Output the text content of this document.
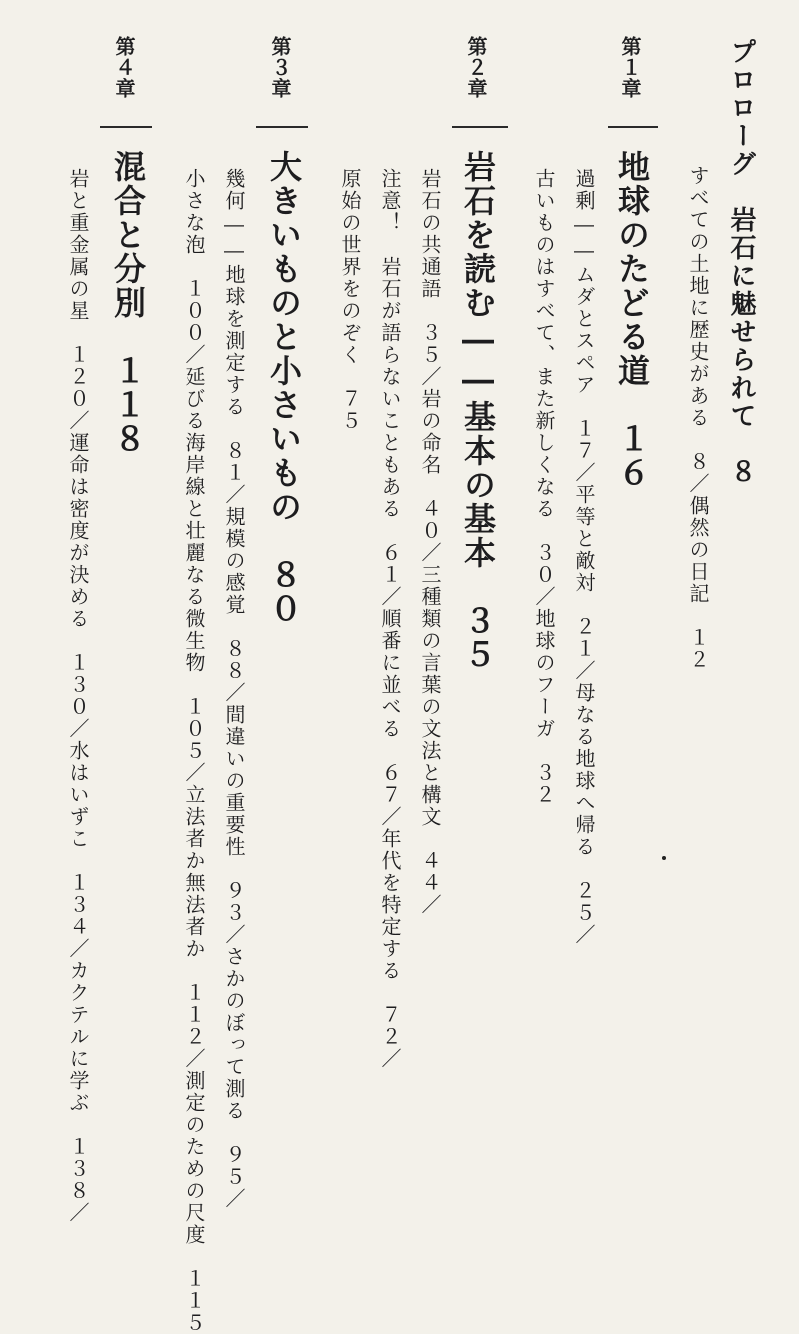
プロローグ　岩石に魅せられて　８
すべての土地に歴史がある　８／偶然の日記　１２
第１章
地球のたどる道　１６
過剰――ムダとスペア　１７／平等と敵対　２１／母なる地球へ帰る　２５／
古いものはすべて、また新しくなる　３０／地球のフーガ　３２
第２章
岩石を読む――基本の基本　３５
岩石の共通語　３５／岩の命名　４０／三種類の言葉の文法と構文　４４／
注意！　岩石が語らないこともある　６１／順番に並べる　６７／年代を特定する　７２／
原始の世界をのぞく　７５
第３章
大きいものと小さいもの　８０
幾何――地球を測定する　８１／規模の感覚　８８／間違いの重要性　９３／さかのぼって測る　９５／
小さな泡　１００／延びる海岸線と壮麗なる微生物　１０５／立法者か無法者か　１１２／測定のための尺度　１１５
第４章
混合と分別　１１８
岩と重金属の星　１２０／運命は密度が決める　１３０／水はいずこ　１３４／カクテルに学ぶ　１３８／
